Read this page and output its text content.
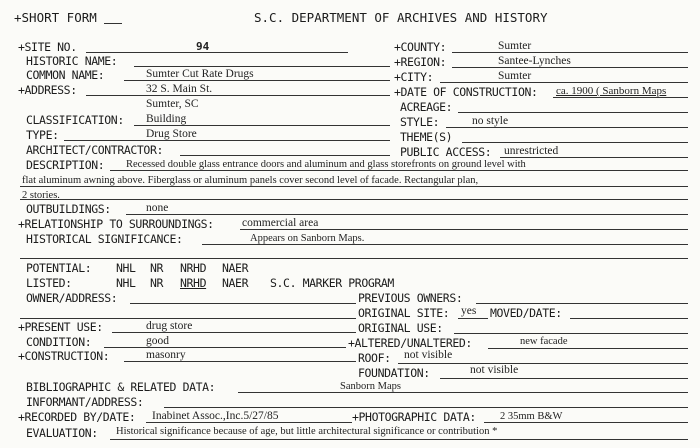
+SHORT FORM	S.C. DEPARTMENT OF ARCHIVES AND HISTORY
+SITE NO.	94
HISTORIC NAME:
COMMON NAME:	Sumter Cut Rate Drugs
+ADDRESS:	32 S. Main St.
Sumter, SC
CLASSIFICATION: Building
TYPE:	Drug Store
ARCHITECT/CONTRACTOR:
+COUNTY:	Sumter
+REGION:	Santee-Lynches
+CITY:	Sumter
+DATE OF CONSTRUCTION: ca. 1900 ( Sanborn Maps
ACREAGE:
STYLE:	no style
THEME(S)
PUBLIC ACCESS: unrestricted
DESCRIPTION: Recessed double glass entrance doors and aluminum and glass storefronts on ground level with
flat aluminum awning above. Fiberglass or aluminum panels cover second level of facade. Rectangular plan,
2 stories.
OUTBUILDINGS:	none
+RELATIONSHIP TO SURROUNDINGS: commercial area
HISTORICAL SIGNIFICANCE:	Appears on Sanborn Maps.
POTENTIAL: NHL NR NRHD NAER
LISTED:	NHL NR NRHD NAER S.C. MARKER PROGRAM
OWNER/ADDRESS:	PREVIOUS OWNERS:
ORIGINAL SITE: yes MOVED/DATE:
+PRESENT USE:	drug store	ORIGINAL USE:
CONDITION:	good	+ALTERED/UNALTERED:	new facade
+CONSTRUCTION:	masonry	ROOF: not visible
FOUNDATION:	not visible
BIBLIOGRAPHIC & RELATED DATA:	Sanborn Maps
INFORMANT/ADDRESS:
+RECORDED BY/DATE: Inabinet Assoc.,Inc.5/27/85	+PHOTOGRAPHIC DATA: 2 35mm B&W
EVALUATION: Historical significance because of age, but little architectural significance or contribution *
